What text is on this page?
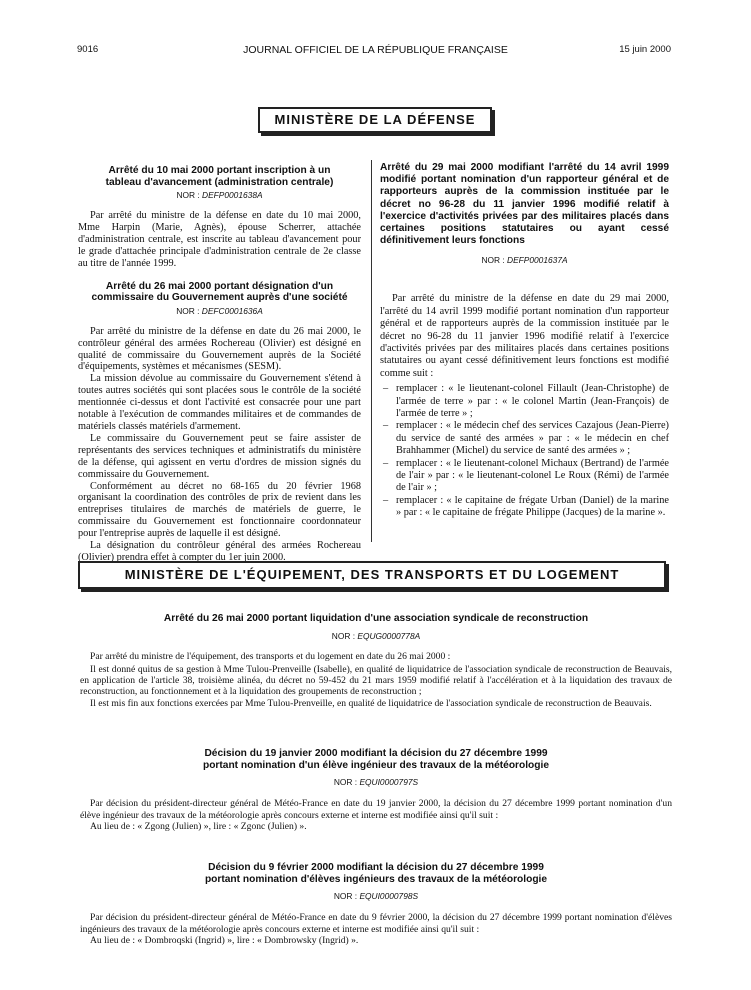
9016	JOURNAL OFFICIEL DE LA RÉPUBLIQUE FRANÇAISE	15 juin 2000
MINISTÈRE DE LA DÉFENSE
Arrêté du 10 mai 2000 portant inscription à un tableau d'avancement (administration centrale)
NOR : DEFP0001638A

Par arrêté du ministre de la défense en date du 10 mai 2000, Mme Harpin (Marie, Agnès), épouse Scherrer, attachée d'administration centrale, est inscrite au tableau d'avancement pour le grade d'attachée principale d'administration centrale de 2e classe au titre de l'année 1999.

Arrêté du 26 mai 2000 portant désignation d'un commissaire du Gouvernement auprès d'une société
NOR : DEFC0001636A

Par arrêté du ministre de la défense en date du 26 mai 2000, le contrôleur général des armées Rochereau (Olivier) est désigné en qualité de commissaire du Gouvernement auprès de la Société d'équipements, systèmes et mécanismes (SESM).

La mission dévolue au commissaire du Gouvernement s'étend à toutes autres sociétés qui sont placées sous le contrôle de la société mentionnée ci-dessus et dont l'activité est consacrée pour une part notable à l'exécution de commandes militaires et de commandes de matériels classés matériels d'armement.

Le commissaire du Gouvernement peut se faire assister de représentants des services techniques et administratifs du ministère de la défense, qui agissent en vertu d'ordres de mission signés du commissaire du Gouvernement.

Conformément au décret no 68-165 du 20 février 1968 organisant la coordination des contrôles de prix de revient dans les entreprises titulaires de marchés de matériels de guerre, le commissaire du Gouvernement est fonctionnaire coordonnateur pour l'entreprise auprès de laquelle il est désigné.

La désignation du contrôleur général des armées Rochereau (Olivier) prendra effet à compter du 1er juin 2000.

Arrêté du 29 mai 2000 modifiant l'arrêté du 14 avril 1999 modifié portant nomination d'un rapporteur général et de rapporteurs auprès de la commission instituée par le décret no 96-28 du 11 janvier 1996 modifié relatif à l'exercice d'activités privées par des militaires placés dans certaines positions statutaires ou ayant cessé définitivement leurs fonctions
NOR : DEFP0001637A

Par arrêté du ministre de la défense en date du 29 mai 2000, l'arrêté du 14 avril 1999 modifié portant nomination d'un rapporteur général et de rapporteurs auprès de la commission instituée par le décret no 96-28 du 11 janvier 1996 modifié relatif à l'exercice d'activités privées par des militaires placés dans certaines positions statutaires ou ayant cessé définitivement leurs fonctions est modifié comme suit :

– remplacer : « le lieutenant-colonel Fillault (Jean-Christophe) de l'armée de terre » par : « le colonel Martin (Jean-François) de l'armée de terre » ;
– remplacer : « le médecin chef des services Cazajous (Jean-Pierre) du service de santé des armées » par : « le médecin en chef Brahhammer (Michel) du service de santé des armées » ;
– remplacer : « le lieutenant-colonel Michaux (Bertrand) de l'armée de l'air » par : « le lieutenant-colonel Le Roux (Rémi) de l'armée de l'air » ;
– remplacer : « le capitaine de frégate Urban (Daniel) de la marine » par : « le capitaine de frégate Philippe (Jacques) de la marine ».
MINISTÈRE DE L'ÉQUIPEMENT, DES TRANSPORTS ET DU LOGEMENT
Arrêté du 26 mai 2000 portant liquidation d'une association syndicale de reconstruction
NOR : EQUG0000778A

Par arrêté du ministre de l'équipement, des transports et du logement en date du 26 mai 2000 :

Il est donné quitus de sa gestion à Mme Tulou-Prenveille (Isabelle), en qualité de liquidatrice de l'association syndicale de reconstruction de Beauvais, en application de l'article 38, troisième alinéa, du décret no 59-452 du 21 mars 1959 modifié relatif à l'accélération et à la liquidation des travaux de reconstruction, au fonctionnement et à la liquidation des groupements de reconstruction ;

Il est mis fin aux fonctions exercées par Mme Tulou-Prenveille, en qualité de liquidatrice de l'association syndicale de reconstruction de Beauvais.

Décision du 19 janvier 2000 modifiant la décision du 27 décembre 1999
portant nomination d'un élève ingénieur des travaux de la météorologie
NOR : EQUI0000797S

Par décision du président-directeur général de Météo-France en date du 19 janvier 2000, la décision du 27 décembre 1999 portant nomination d'un élève ingénieur des travaux de la météorologie après concours externe et interne est modifiée ainsi qu'il suit :

Au lieu de : « Zgong (Julien) », lire : « Zgonc (Julien) ».

Décision du 9 février 2000 modifiant la décision du 27 décembre 1999
portant nomination d'élèves ingénieurs des travaux de la météorologie
NOR : EQUI0000798S

Par décision du président-directeur général de Météo-France en date du 9 février 2000, la décision du 27 décembre 1999 portant nomination d'élèves ingénieurs des travaux de la météorologie après concours externe et interne est modifiée ainsi qu'il suit :

Au lieu de : « Dombroqski (Ingrid) », lire : « Dombrowsky (Ingrid) ».
